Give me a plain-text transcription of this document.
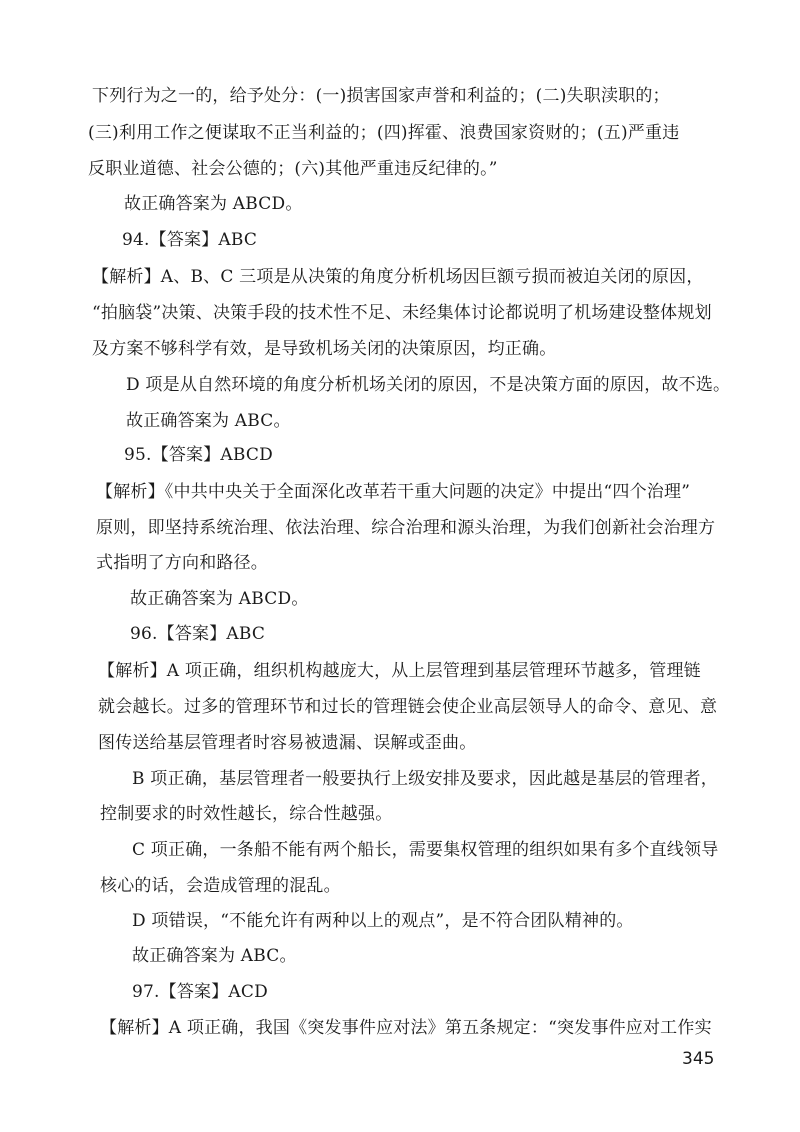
下列行为之一的，给予处分：(一)损害国家声誉和利益的；(二)失职渎职的；
(三)利用工作之便谋取不正当利益的；(四)挥霍、浪费国家资财的；(五)严重违
反职业道德、社会公德的；(六)其他严重违反纪律的。”
故正确答案为 ABCD。
94.【答案】ABC
【解析】A、B、C 三项是从决策的角度分析机场因巨额亏损而被迫关闭的原因，
“拍脑袋”决策、决策手段的技术性不足、未经集体讨论都说明了机场建设整体规划
及方案不够科学有效，是导致机场关闭的决策原因，均正确。
D 项是从自然环境的角度分析机场关闭的原因，不是决策方面的原因，故不选。
故正确答案为 ABC。
95.【答案】ABCD
【解析】《中共中央关于全面深化改革若干重大问题的决定》中提出“四个治理”
原则，即坚持系统治理、依法治理、综合治理和源头治理，为我们创新社会治理方
式指明了方向和路径。
故正确答案为 ABCD。
96.【答案】ABC
【解析】A 项正确，组织机构越庞大，从上层管理到基层管理环节越多，管理链
就会越长。过多的管理环节和过长的管理链会使企业高层领导人的命令、意见、意
图传送给基层管理者时容易被遗漏、误解或歪曲。
B 项正确，基层管理者一般要执行上级安排及要求，因此越是基层的管理者，
控制要求的时效性越长，综合性越强。
C 项正确，一条船不能有两个船长，需要集权管理的组织如果有多个直线领导
核心的话，会造成管理的混乱。
D 项错误，“不能允许有两种以上的观点”，是不符合团队精神的。
故正确答案为 ABC。
97.【答案】ACD
【解析】A 项正确，我国《突发事件应对法》第五条规定：“突发事件应对工作实
345
